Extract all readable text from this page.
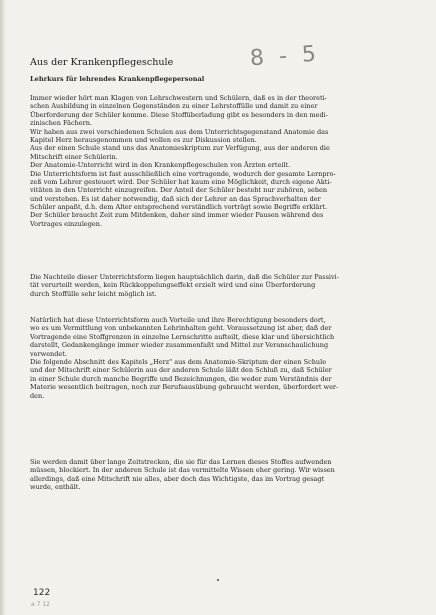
8 - 5
Aus der Krankenpflegeschule
Lehrkurs für lehrendes Krankenpflegepersonal

Immer wieder hört man Klagen von Lehrschwestern und Schülern, daß es in der theoreti-
schen Ausbildung in einzelnen Gegenständen zu einer Lehrstoffülle und damit zu einer
Überforderung der Schüler komme. Diese Stoffüberladung gibt es besonders in den medi-
zinischen Fächern.
Wir haben aus zwei verschiedenen Schulen aus dem Unterrichtsgegenstand Anatomie das
Kapitel Herz herausgenommen und wollen es zur Diskussion stellen.
Aus der einen Schule stand uns das Anatomieskriptum zur Verfügung, aus der anderen die
Mitschrift einer Schülerin.
Der Anatomie-Unterricht wird in den Krankenpflegeschulen von Ärzten erteilt.
Die Unterrichtsform ist fast ausschließlich eine vortragende, wodurch der gesamte Lernpro-
zeß vom Lehrer gesteuert wird. Der Schüler hat kaum eine Möglichkeit, durch eigene Akti-
vitäten in den Unterricht einzugreifen. Der Anteil der Schüler besteht nur zuhören, sehen
und verstehen. Es ist daher notwendig, daß sich der Lehrer an das Sprachverhalten der
Schüler anpaßt, d.h. dem Alter entsprechend verständlich vorträgt sowie Begriffe erklärt.
Der Schüler braucht Zeit zum Mitdenken, daher sind immer wieder Pausen während des
Vortrages einzulegen.

Die Nachteile dieser Unterrichtsform liegen hauptsächlich darin, daß die Schüler zur Passivi-
tät verurteilt werden, kein Rückkoppelungseffekt erzielt wird und eine Überforderung
durch Stoffülle sehr leicht möglich ist.

Natürlich hat diese Unterrichtsform auch Vorteile und ihre Berechtigung besonders dort,
wo es um Vermittlung von unbekannten Lehrinhalten geht. Voraussetzung ist aber, daß der
Vortragende eine Stoffgrenzen in einzelne Lernschritte aufteilt, diese klar und übersichtlich
darstellt, Gedankengänge immer wieder zusammenfaßt und Mittel zur Veranschaulichung
verwendet.
Die folgende Abschnitt des Kapitels „Herz" aus dem Anatomie-Skriptum der einen Schule
und der Mitschrift einer Schülerin aus der anderen Schule läßt den Schluß zu, daß Schüler
in einer Schule durch manche Begriffe und Bezeichnungen, die weder zum Verständnis der
Materie wesentlich beitragen, noch zur Berufsausübung gebraucht werden, überfordert wer-
den.

Sie werden damit über lange Zeitstrecken, die sie für das Lernen dieses Stoffes aufwenden
müssen, blockiert. In der anderen Schule ist das vermittelte Wissen eher gering. Wir wissen
allerdings, daß eine Mitschrift nie alles, aber doch das Wichtigste, das im Vortrag gesagt
wurde, enthält.

122
a 7 12
